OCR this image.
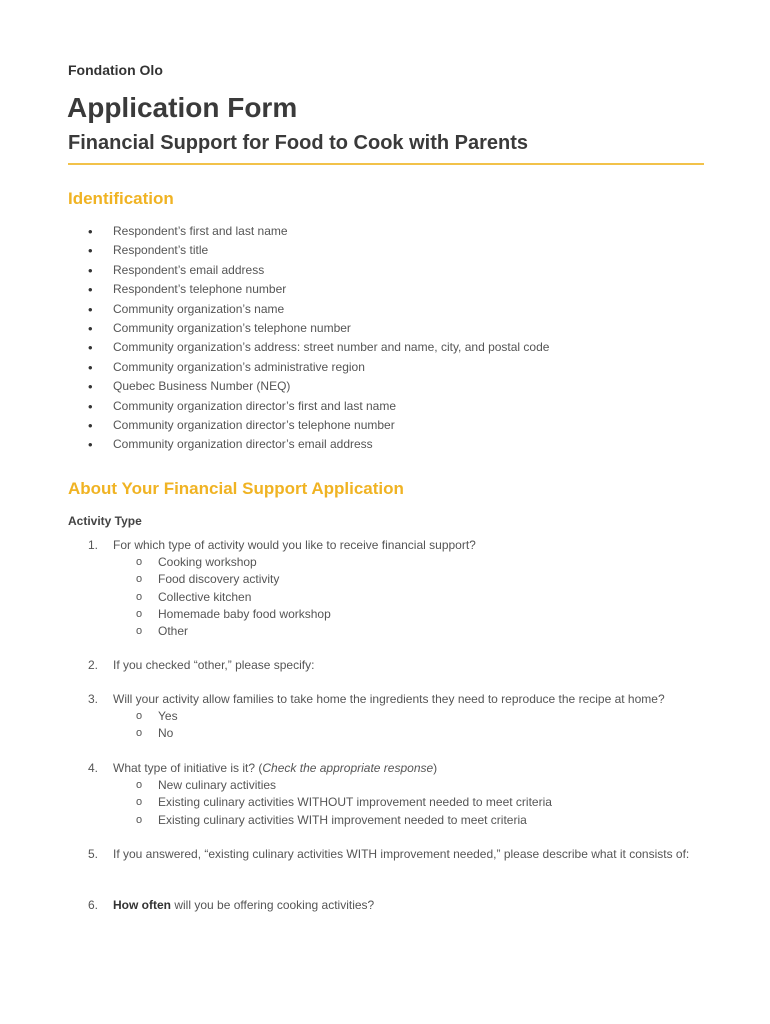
Fondation Olo
Application Form
Financial Support for Food to Cook with Parents
Identification
• Respondent’s first and last name
• Respondent’s title
• Respondent’s email address
• Respondent’s telephone number
• Community organization’s name
• Community organization’s telephone number
• Community organization’s address: street number and name, city, and postal code
• Community organization’s administrative region
• Quebec Business Number (NEQ)
• Community organization director’s first and last name
• Community organization director’s telephone number
• Community organization director’s email address
About Your Financial Support Application
Activity Type
1. For which type of activity would you like to receive financial support?
o Cooking workshop
o Food discovery activity
o Collective kitchen
o Homemade baby food workshop
o Other
2. If you checked “other,” please specify:
3. Will your activity allow families to take home the ingredients they need to reproduce the recipe at home?
o Yes
o No
4. What type of initiative is it? (Check the appropriate response)
o New culinary activities
o Existing culinary activities WITHOUT improvement needed to meet criteria
o Existing culinary activities WITH improvement needed to meet criteria
5. If you answered, “existing culinary activities WITH improvement needed,” please describe what it consists of:
6. How often will you be offering cooking activities?
